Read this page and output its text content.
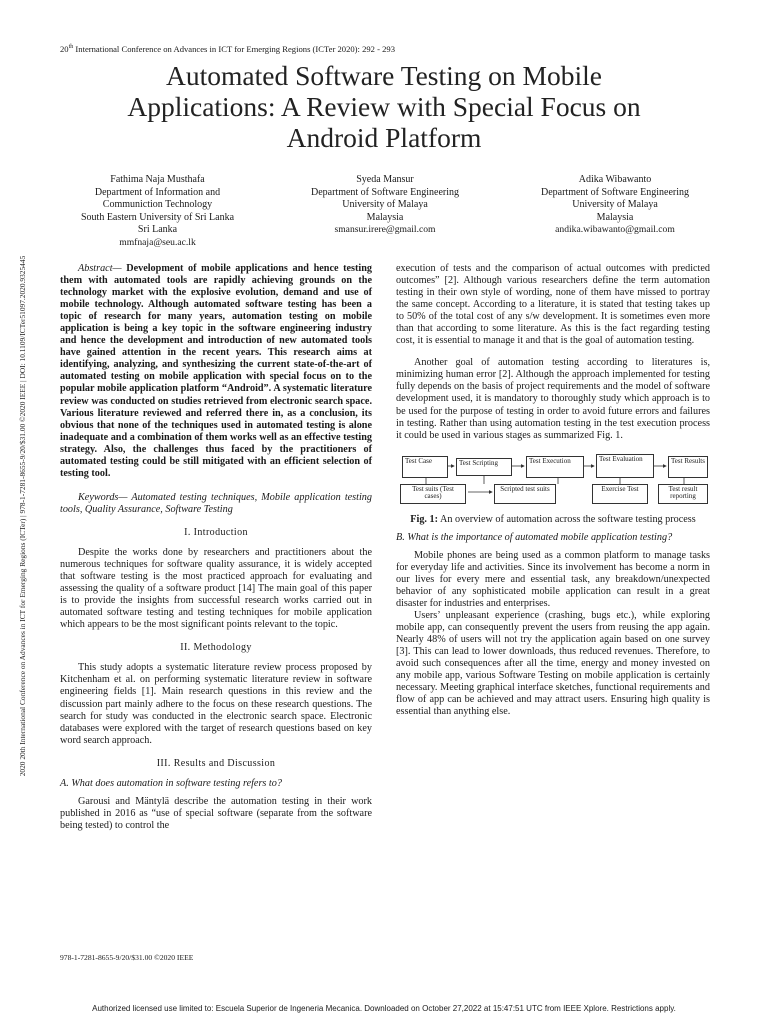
20th International Conference on Advances in ICT for Emerging Regions (ICTer 2020): 292 - 293
Automated Software Testing on Mobile
Applications: A Review with Special Focus on
Android Platform
2020 20th International Conference on Advances in ICT for Emerging Regions (ICTer) | 978-1-7281-8655-9/20/$31.00 ©2020 IEEE | DOI: 10.1109/ICTer51097.2020.9325445
Fathima Naja Musthafa
Department of Information and
Communiction Technology
South Eastern University of Sri Lanka
Sri Lanka
mmfnaja@seu.ac.lk
Syeda Mansur
Department of Software Engineering
University of Malaya
Malaysia
smansur.irere@gmail.com
Adika Wibawanto
Department of Software Engineering
University of Malaya
Malaysia
andika.wibawanto@gmail.com

Abstract— Development of mobile applications and hence testing them with automated tools are rapidly achieving grounds on the technology market with the explosive evolution, demand and use of mobile technology. Although automated software testing has been a topic of research for many years, automation testing on mobile application is being a key topic in the software engineering industry and hence the development and introduction of new automated tools have gained attention in the recent years. This research aims at identifying, analyzing, and synthesizing the current state-of-the-art of automated testing on mobile application with special focus on to the popular mobile application platform “Android”. A systematic literature review was conducted on studies retrieved from electronic search space. Various literature reviewed and referred there in, as a conclusion, its obvious that none of the techniques used in automated testing is alone inadequate and a combination of them works well as an effective testing strategy. Also, the challenges thus faced by the practitioners of automated testing could be still mitigated with an efficient selection of testing tool.

Keywords— Automated testing techniques, Mobile application testing tools, Quality Assurance, Software Testing

I. Introduction

Despite the works done by researchers and practitioners about the numerous techniques for software quality assurance, it is widely accepted that software testing is the most practiced approach for evaluating and assessing the quality of a software product [14] The main goal of this paper is to provide the insights from successful research works carried out in automated software testing and testing techniques for mobile application which appears to be the most significant points relevant to the topic.

II. Methodology

This study adopts a systematic literature review process proposed by Kitchenham et al. on performing systematic literature review in software engineering fields [1]. Main research questions in this review and the discussion part mainly adhere to the focus on these research questions. The search for study was conducted in the electronic search space. Electronic databases were explored with the target of research questions based on key word search approach.

III. Results and Discussion
A. What does automation in software testing refers to?

Garousi and Mäntylä describe the automation testing in their work published in 2016 as “use of special software (separate from the software being tested) to control the

execution of tests and the comparison of actual outcomes with predicted outcomes” [2]. Although various researchers define the term automation testing in their own style of wording, none of them have missed to portray the same concept. According to a literature, it is stated that testing takes up to 50% of the total cost of any s/w development. It is sometimes even more than that according to some literature. As this is the fact regarding testing cost, it is essential to manage it and that is the goal of automation testing.

Another goal of automation testing according to literatures is, minimizing human error [2]. Although the approach implemented for testing fully depends on the basis of project requirements and the model of software development used, it is mandatory to thoroughly study which approach is to be used for the purpose of testing in order to avoid future errors and failures in testing. Rather than using automation testing in the test execution process it could be used in various stages as summarized Fig. 1.

Test Case	Test Scripting	Test Execution	Test Evaluation	Test Results
Test suits (Test cases)
Scripted test suits	Exercise Test	Test result reporting

Fig. 1: An overview of automation across the software testing process

B. What is the importance of automated mobile application testing?

Mobile phones are being used as a common platform to manage tasks for everyday life and activities. Since its involvement has become a norm in our lives for every mere and essential task, any breakdown/unexpected behavior of any sophisticated mobile application can result in a great disaster for industries and enterprises.

Users’ unpleasant experience (crashing, bugs etc.), while exploring mobile app, can consequently prevent the users from reusing the app again. Nearly 48% of users will not try the application again based on one survey [3]. This can lead to lower downloads, thus reduced revenues. Therefore, to avoid such consequences after all the time, energy and money invested on any mobile app, various Software Testing on mobile application is certainly necessary. Meeting graphical interface sketches, functional requirements and flow of app can be achieved and may attract users. Ensuring high quality is essential than anything else.

978-1-7281-8655-9/20/$31.00 ©2020 IEEE
Authorized licensed use limited to: Escuela Superior de Ingeneria Mecanica. Downloaded on October 27,2022 at 15:47:51 UTC from IEEE Xplore. Restrictions apply.
